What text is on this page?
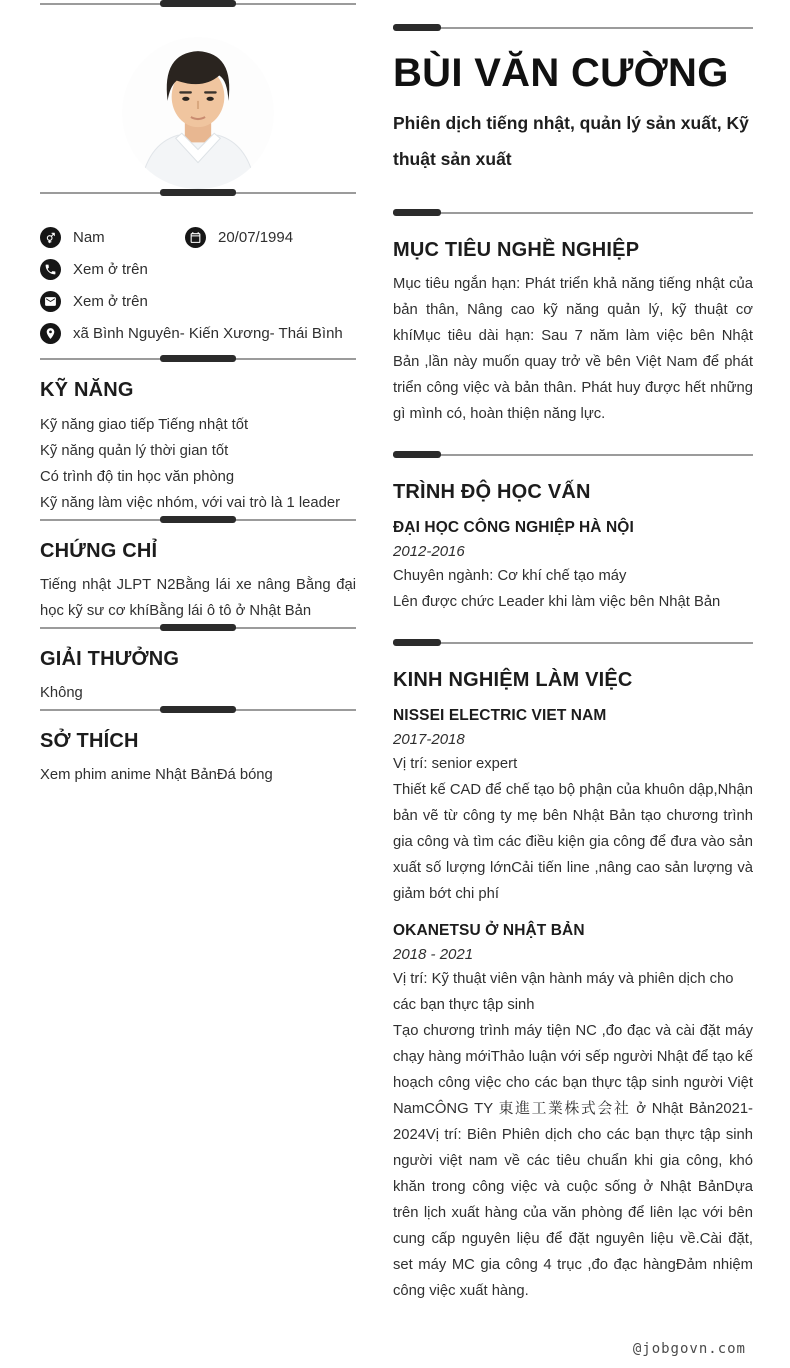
Nam	20/07/1994
Xem ở trên
Xem ở trên
xã Bình Nguyên- Kiến Xương- Thái Bình
KỸ NĂNG
Kỹ năng giao tiếp Tiếng nhật tốt
Kỹ năng quản lý thời gian tốt
Có trình độ tin học văn phòng
Kỹ năng làm việc nhóm, với vai trò là 1 leader
CHỨNG CHỈ
Tiếng nhật JLPT N2Bằng lái xe nâng Bằng đại học kỹ sư cơ khíBằng lái ô tô ở Nhật Bản
GIẢI THƯỞNG
Không
SỞ THÍCH
Xem phim anime Nhật BảnĐá bóng
BÙI VĂN CƯỜNG
Phiên dịch tiếng nhật, quản lý sản xuất, Kỹ thuật sản xuất
MỤC TIÊU NGHỀ NGHIỆP
Mục tiêu ngắn hạn: Phát triển khả năng tiếng nhật của bản thân, Nâng cao kỹ năng quản lý, kỹ thuật cơ khíMục tiêu dài hạn: Sau 7 năm làm việc bên Nhật Bản ,lần này muốn quay trở về bên Việt Nam để phát triển công việc và bản thân. Phát huy được hết những gì mình có, hoàn thiện năng lực.
TRÌNH ĐỘ HỌC VẤN
ĐẠI HỌC CÔNG NGHIỆP HÀ NỘI
2012-2016
Chuyên ngành: Cơ khí chế tạo máy
Lên được chức Leader khi làm việc bên Nhật Bản
KINH NGHIỆM LÀM VIỆC
NISSEI ELECTRIC VIET NAM
2017-2018
Vị trí: senior expert
Thiết kế CAD để chế tạo bộ phận của khuôn dập,Nhận bản vẽ từ công ty mẹ bên Nhật Bản tạo chương trình gia công và tìm các điều kiện gia công để đưa vào sản xuất số lượng lớnCải tiến line ,nâng cao sản lượng và giảm bớt chi phí
OKANETSU Ở NHẬT BẢN
2018 - 2021
Vị trí: Kỹ thuật viên vận hành máy và phiên dịch cho các bạn thực tập sinh
Tạo chương trình máy tiện NC ,đo đạc và cài đặt máy chạy hàng mớiThảo luận với sếp người Nhật để tạo kế hoạch công việc cho các bạn thực tập sinh người Việt NamCÔNG TY 東進工業株式会社 ở Nhật Bản2021-2024Vị trí: Biên Phiên dịch cho các bạn thực tập sinh người việt nam về các tiêu chuẩn khi gia công, khó khăn trong công việc và cuộc sống ở Nhật BảnDựa trên lịch xuất hàng của văn phòng để liên lạc với bên cung cấp nguyên liệu để đặt nguyên liệu về.Cài đặt, set máy MC gia công 4 trục ,đo đạc hàngĐảm nhiệm công việc xuất hàng.
@jobgovn.com
